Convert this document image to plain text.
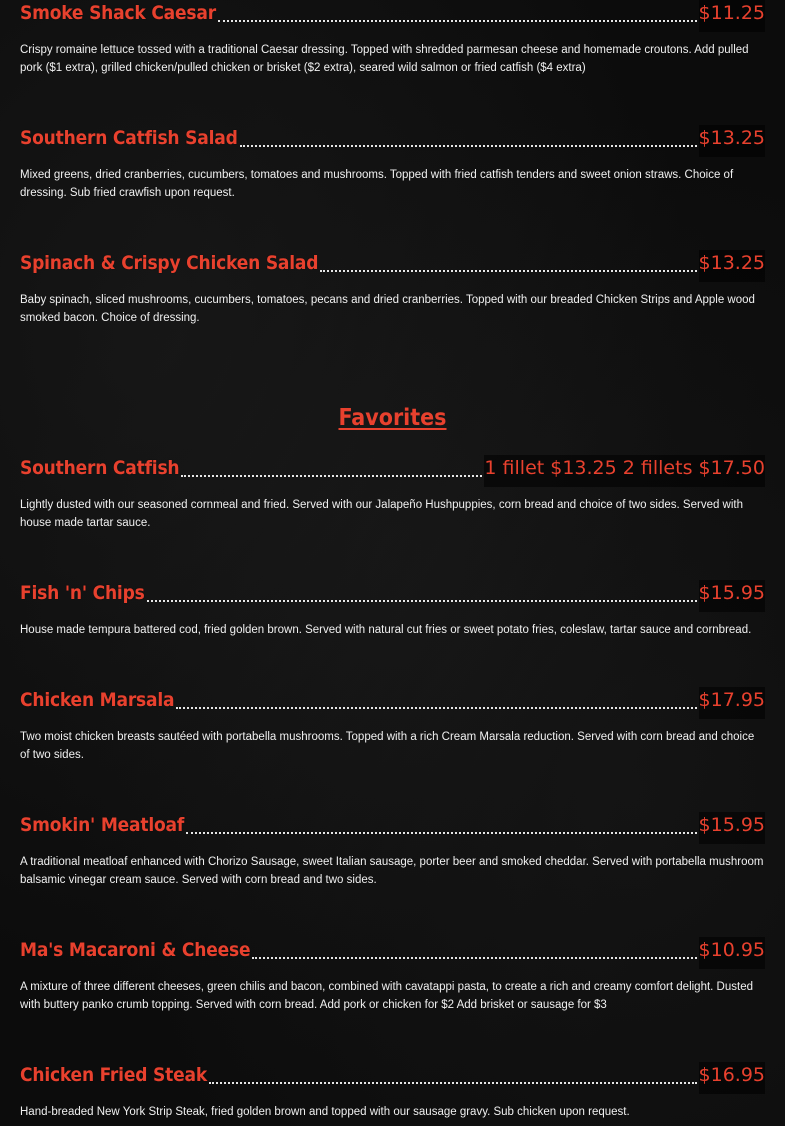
Smoke Shack Caesar	$11.25
Crispy romaine lettuce tossed with a traditional Caesar dressing. Topped with shredded parmesan cheese and homemade croutons. Add pulled pork ($1 extra), grilled chicken/pulled chicken or brisket ($2 extra), seared wild salmon or fried catfish ($4 extra)
Southern Catfish Salad	$13.25
Mixed greens, dried cranberries, cucumbers, tomatoes and mushrooms. Topped with fried catfish tenders and sweet onion straws. Choice of dressing. Sub fried crawfish upon request.
Spinach & Crispy Chicken Salad	$13.25
Baby spinach, sliced mushrooms, cucumbers, tomatoes, pecans and dried cranberries. Topped with our breaded Chicken Strips and Apple wood smoked bacon. Choice of dressing.
Favorites
Southern Catfish	1 fillet $13.25 2 fillets $17.50
Lightly dusted with our seasoned cornmeal and fried. Served with our Jalapeño Hushpuppies, corn bread and choice of two sides. Served with house made tartar sauce.
Fish 'n' Chips	$15.95
House made tempura battered cod, fried golden brown. Served with natural cut fries or sweet potato fries, coleslaw, tartar sauce and cornbread.
Chicken Marsala	$17.95
Two moist chicken breasts sautéed with portabella mushrooms. Topped with a rich Cream Marsala reduction. Served with corn bread and choice of two sides.
Smokin' Meatloaf	$15.95
A traditional meatloaf enhanced with Chorizo Sausage, sweet Italian sausage, porter beer and smoked cheddar. Served with portabella mushroom balsamic vinegar cream sauce. Served with corn bread and two sides.
Ma's Macaroni & Cheese	$10.95
A mixture of three different cheeses, green chilis and bacon, combined with cavatappi pasta, to create a rich and creamy comfort delight. Dusted with buttery panko crumb topping. Served with corn bread. Add pork or chicken for $2 Add brisket or sausage for $3
Chicken Fried Steak	$16.95
Hand-breaded New York Strip Steak, fried golden brown and topped with our sausage gravy. Sub chicken upon request.
